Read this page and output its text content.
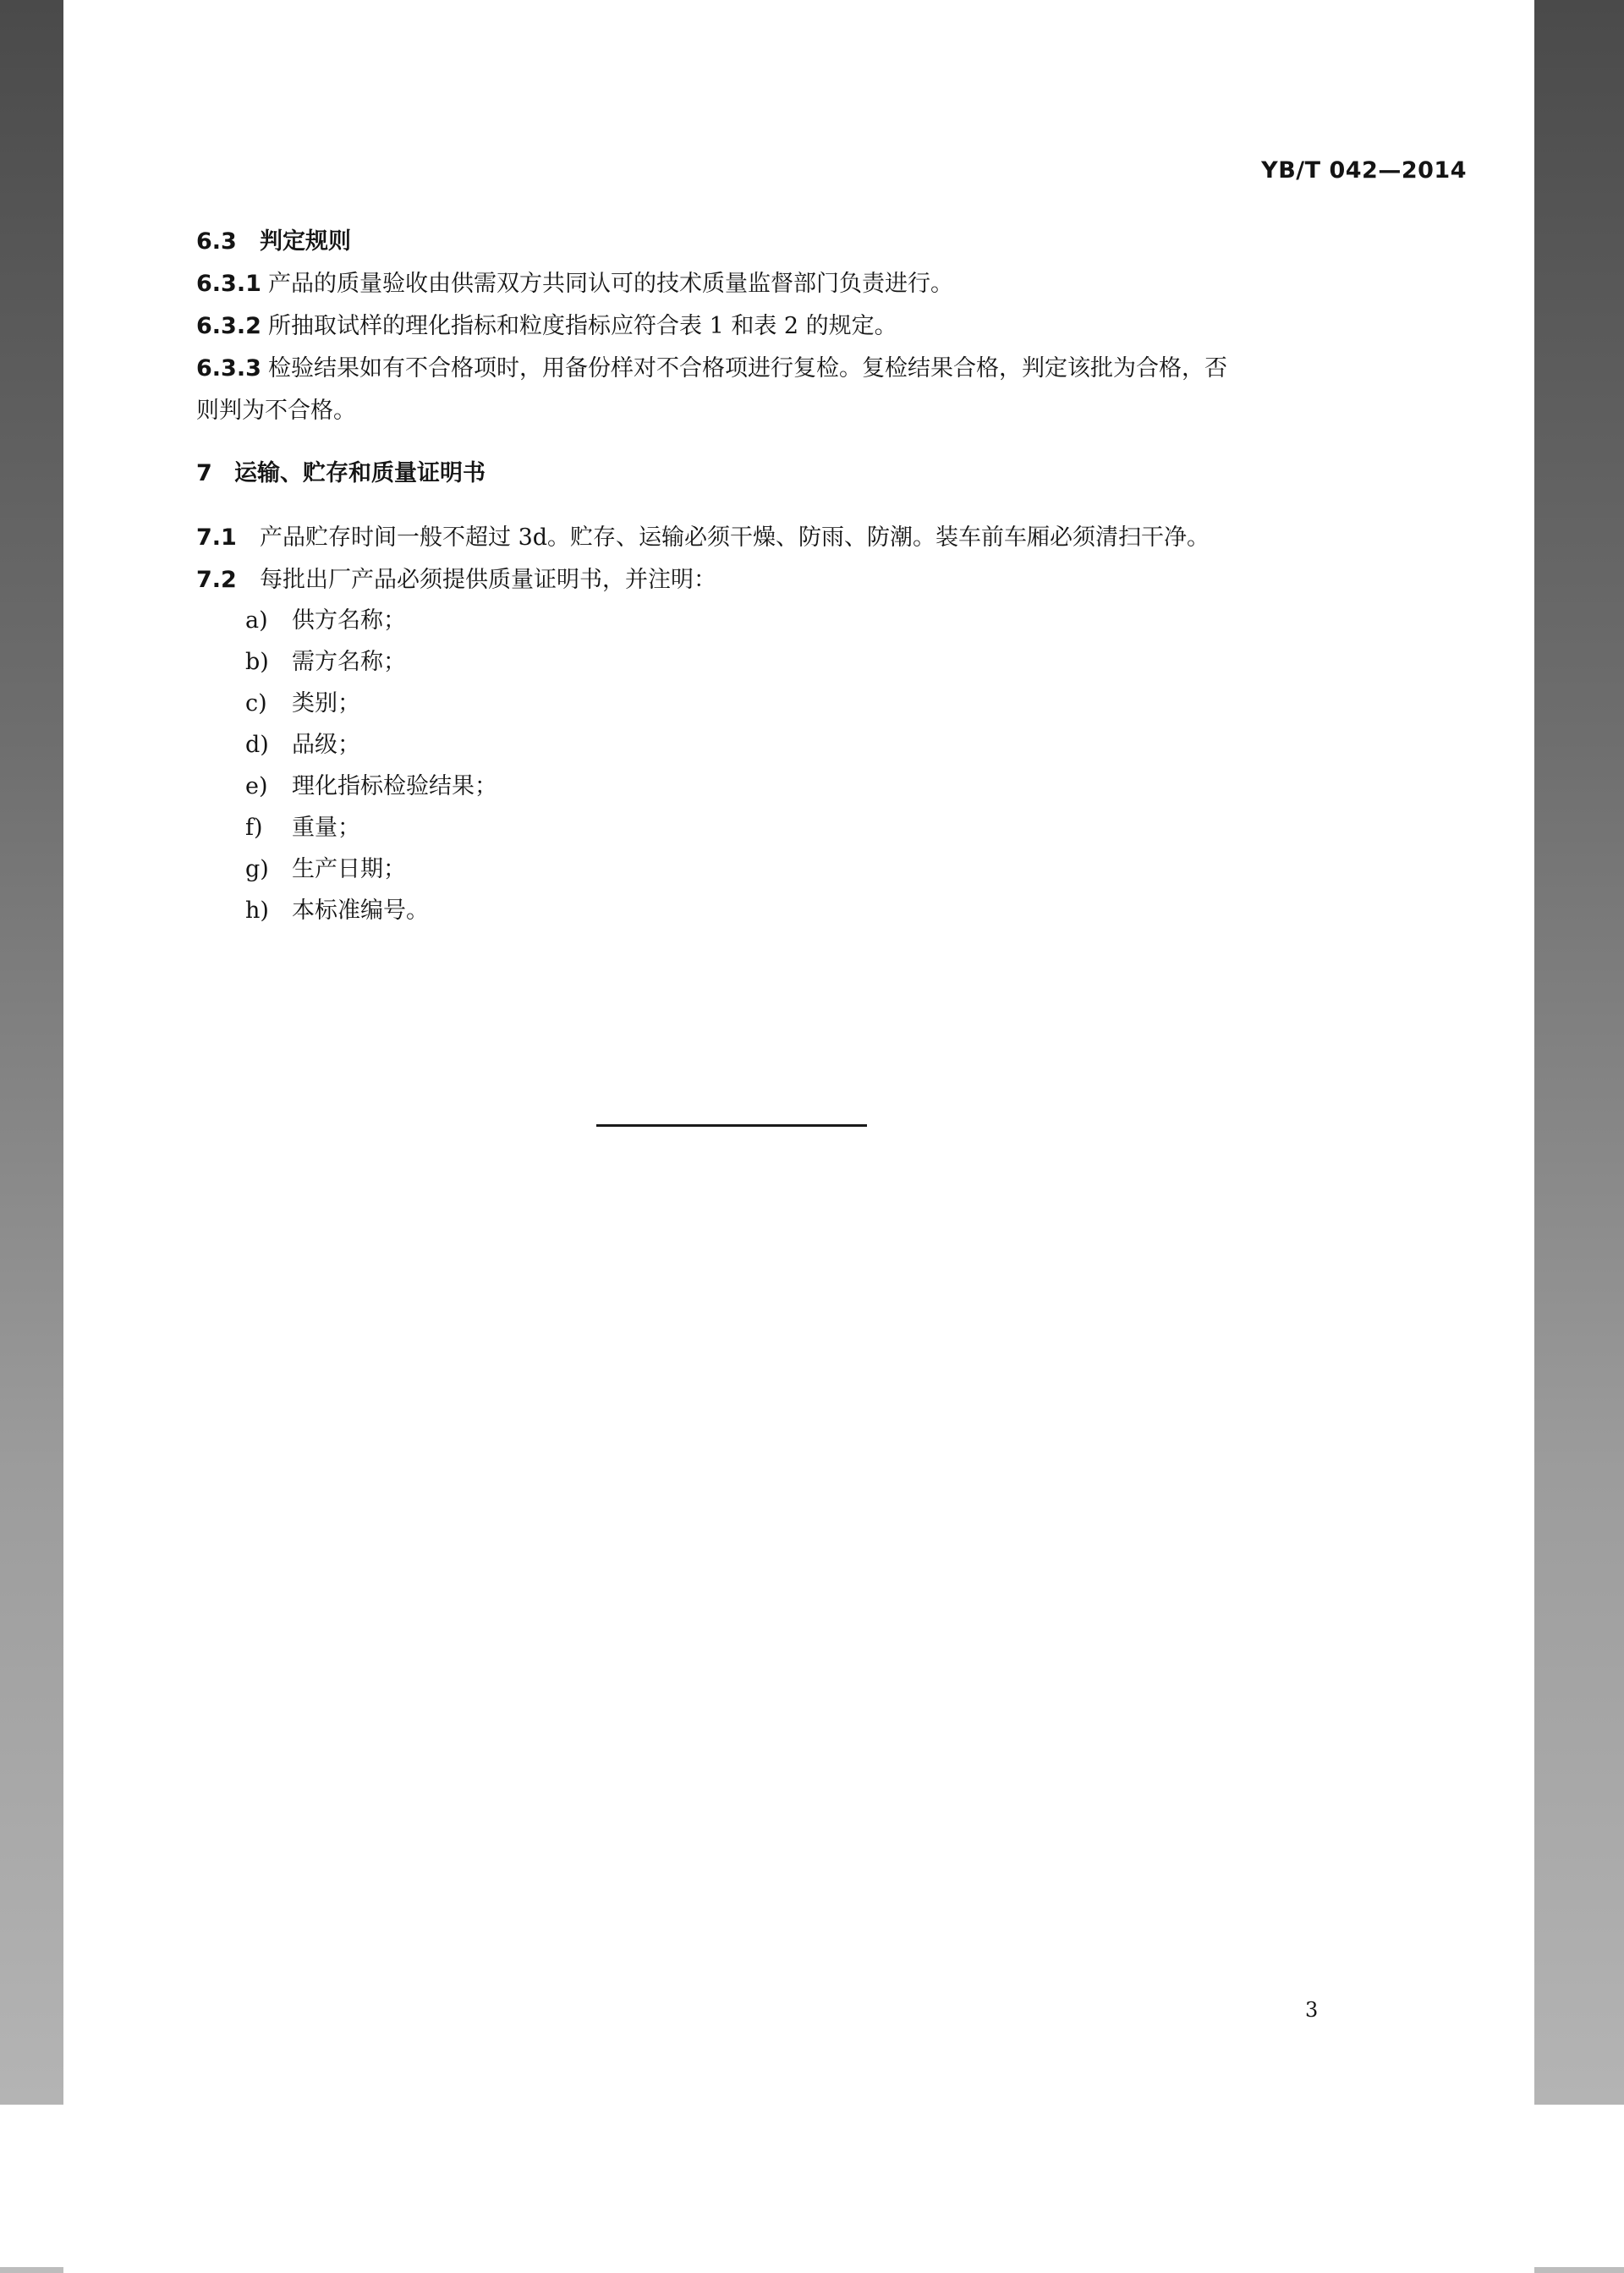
YB/T 042—2014
6.3 判定规则
6.3.1 产品的质量验收由供需双方共同认可的技术质量监督部门负责进行。
6.3.2 所抽取试样的理化指标和粒度指标应符合表 1 和表 2 的规定。
6.3.3 检验结果如有不合格项时，用备份样对不合格项进行复检。复检结果合格，判定该批为合格，否
则判为不合格。
7 运输、贮存和质量证明书
7.1 产品贮存时间一般不超过 3d。贮存、运输必须干燥、防雨、防潮。装车前车厢必须清扫干净。
7.2 每批出厂产品必须提供质量证明书，并注明：
a) 供方名称；
b) 需方名称；
c) 类别；
d) 品级；
e) 理化指标检验结果；
f) 重量；
g) 生产日期；
h) 本标准编号。
3
